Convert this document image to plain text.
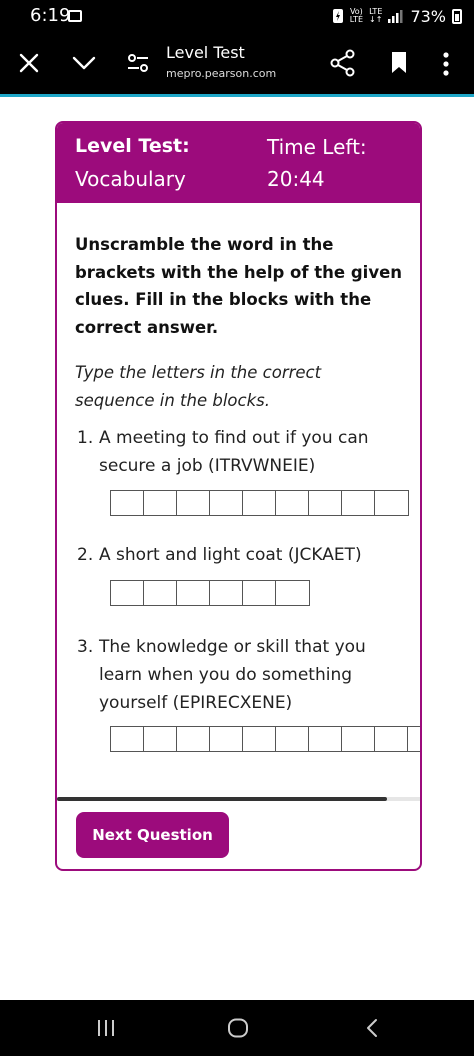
6:19	Vo)
LTE
LTE
↓↑ 73%
Level Test
mepro.pearson.com
Level Test:
Vocabulary
Time Left:
20:44
Unscramble the word in the brackets with the help of the given clues. Fill in the blocks with the correct answer.
Type the letters in the correct sequence in the blocks.
1. A meeting to find out if you can secure a job (ITRVWNEIE)
2. A short and light coat (JCKAET)
3. The knowledge or skill that you learn when you do something yourself (EPIRECXENE)
Next Question
